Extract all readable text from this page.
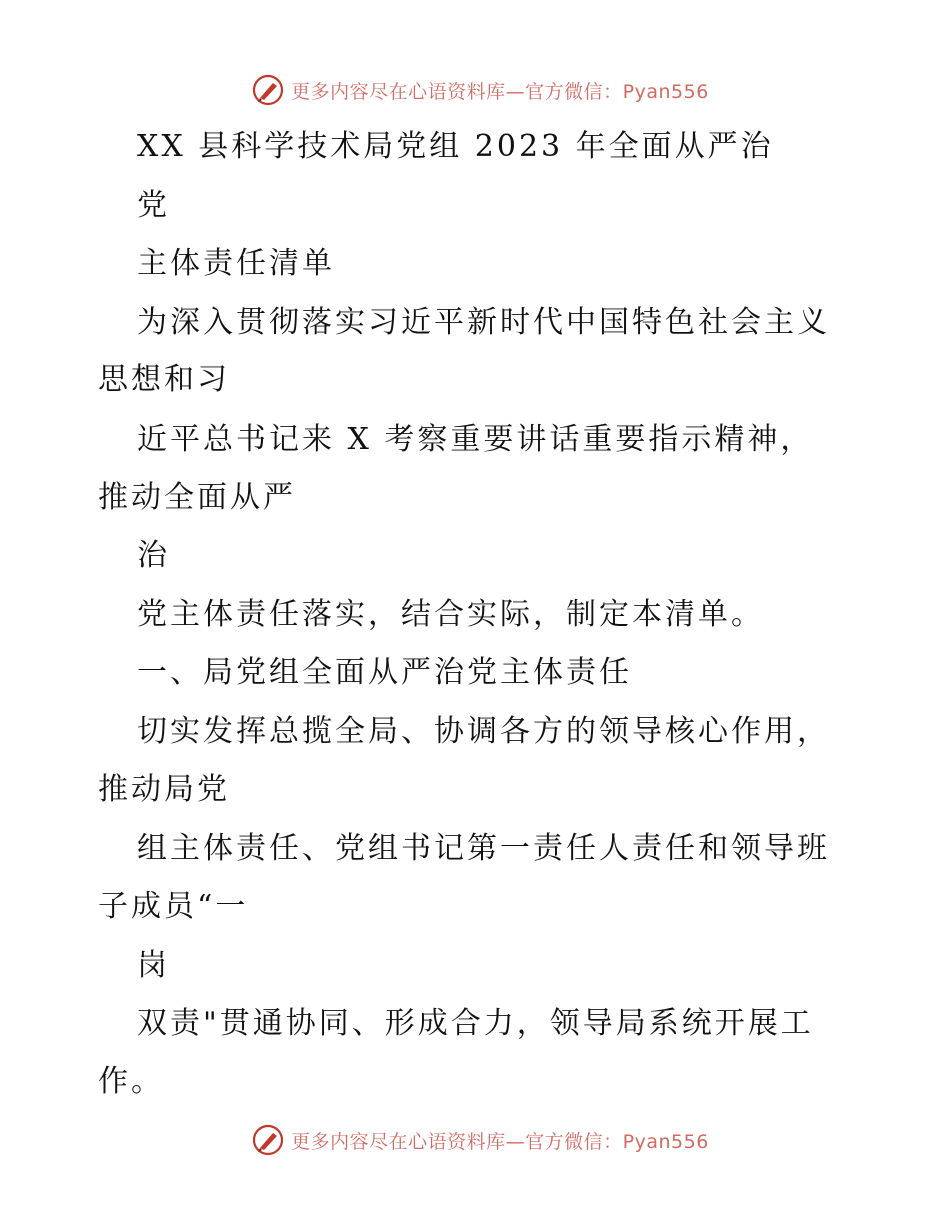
更多内容尽在心语资料库—官方微信：Pyan556
XX 县科学技术局党组 2023 年全面从严治
党
主体责任清单
为深入贯彻落实习近平新时代中国特色社会主义
思想和习
近平总书记来 X 考察重要讲话重要指示精神，
推动全面从严
治
党主体责任落实，结合实际，制定本清单。
一、局党组全面从严治党主体责任
切实发挥总揽全局、协调各方的领导核心作用，
推动局党
组主体责任、党组书记第一责任人责任和领导班
子成员“一
岗
双责"贯通协同、形成合力，领导局系统开展工
作。
更多内容尽在心语资料库—官方微信：Pyan556
